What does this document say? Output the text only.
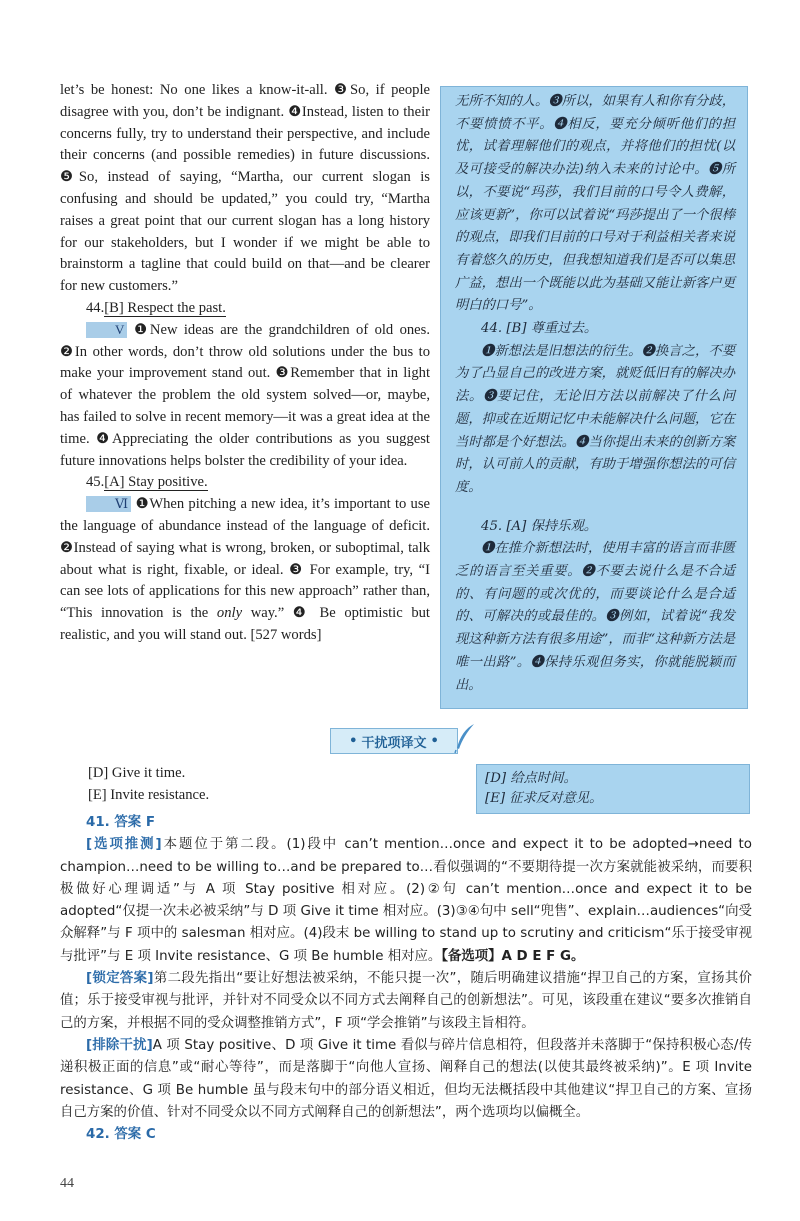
let’s be honest: No one likes a know-it-all. ❸So, if people disagree with you, don’t be indignant. ❹Instead, listen to their concerns fully, try to understand their perspective, and include their concerns (and possible remedies) in future discussions. ❺So, instead of saying, “Martha, our current slogan is confusing and should be updated,” you could try, “Martha raises a great point that our current slogan has a long history for our stakeholders, but I wonder if we might be able to brainstorm a tagline that could build on that—and be clearer for new customers.”

44.[B] Respect the past.

V ❶New ideas are the grandchildren of old ones. ❷In other words, don’t throw old solutions under the bus to make your improvement stand out. ❸Remember that in light of whatever the problem the old system solved—or, maybe, has failed to solve in recent memory—it was a great idea at the time. ❹Appreciating the older contributions as you suggest future innovations helps bolster the credibility of your idea.

45.[A] Stay positive.

Ⅵ ❶When pitching a new idea, it’s important to use the language of abundance instead of the language of deficit. ❷Instead of saying what is wrong, broken, or suboptimal, talk about what is right, fixable, or ideal. ❸ For example, try, “I can see lots of applications for this new approach” rather than, “This innovation is the only way.” ❹ Be optimistic but realistic, and you will stand out. [527 words]

无所不知的人。❸所以，如果有人和你有分歧，不要愤愤不平。❹相反，要充分倾听他们的担忧，试着理解他们的观点，并将他们的担忧(以及可接受的解决办法)纳入未来的讨论中。❺所以，不要说“玛莎，我们目前的口号令人费解，应该更新”，你可以试着说“玛莎提出了一个很棒的观点，即我们目前的口号对于利益相关者来说有着悠久的历史，但我想知道我们是否可以集思广益，想出一个既能以此为基础又能让新客户更明白的口号”。

44. [B] 尊重过去。

❶新想法是旧想法的衍生。❷换言之，不要为了凸显自己的改进方案，就贬低旧有的解决办法。❸要记住，无论旧方法以前解决了什么问题，抑或在近期记忆中未能解决什么问题，它在当时都是个好想法。❹当你提出未来的创新方案时，认可前人的贡献，有助于增强你想法的可信度。

45. [A] 保持乐观。

❶在推介新想法时，使用丰富的语言而非匮乏的语言至关重要。❷不要去说什么是不合适的、有问题的或次优的，而要谈论什么是合适的、可解决的或最佳的。❸例如，试着说“我发现这种新方法有很多用途”，而非“这种新方法是唯一出路”。❹保持乐观但务实，你就能脱颖而出。

• 干扰项译文 •

[D] Give it time.

[E] Invite resistance.

[D] 给点时间。

[E] 征求反对意见。

41. 答案 F

[选项推测]本题位于第二段。(1)段中 can’t mention…once and expect it to be adopted→need to champion…need to be willing to…and be prepared to…看似强调的“不要期待提一次方案就能被采纳，而要积极做好心理调适”与 A 项 Stay positive 相对应。(2)②句 can’t mention…once and expect it to be adopted“仅提一次未必被采纳”与 D 项 Give it time 相对应。(3)③④句中 sell“兜售”、explain…audiences“向受众解释”与 F 项中的 salesman 相对应。(4)段末 be willing to stand up to scrutiny and criticism“乐于接受审视与批评”与 E 项 Invite resistance、G 项 Be humble 相对应。【备选项】A D E F G。

[锁定答案]第二段先指出“要让好想法被采纳，不能只提一次”，随后明确建议措施“捍卫自己的方案，宣扬其价值；乐于接受审视与批评，并针对不同受众以不同方式去阐释自己的创新想法”。可见，该段重在建议“要多次推销自己的方案，并根据不同的受众调整推销方式”，F 项“学会推销”与该段主旨相符。

[排除干扰]A 项 Stay positive、D 项 Give it time 看似与碎片信息相符，但段落并未落脚于“保持积极心态/传递积极正面的信息”或“耐心等待”，而是落脚于“向他人宣扬、阐释自己的想法(以使其最终被采纳)”。E 项 Invite resistance、G 项 Be humble 虽与段末句中的部分语义相近，但均无法概括段中其他建议“捍卫自己的方案、宣扬自己方案的价值、针对不同受众以不同方式阐释自己的创新想法”，两个选项均以偏概全。

42. 答案 C

44
